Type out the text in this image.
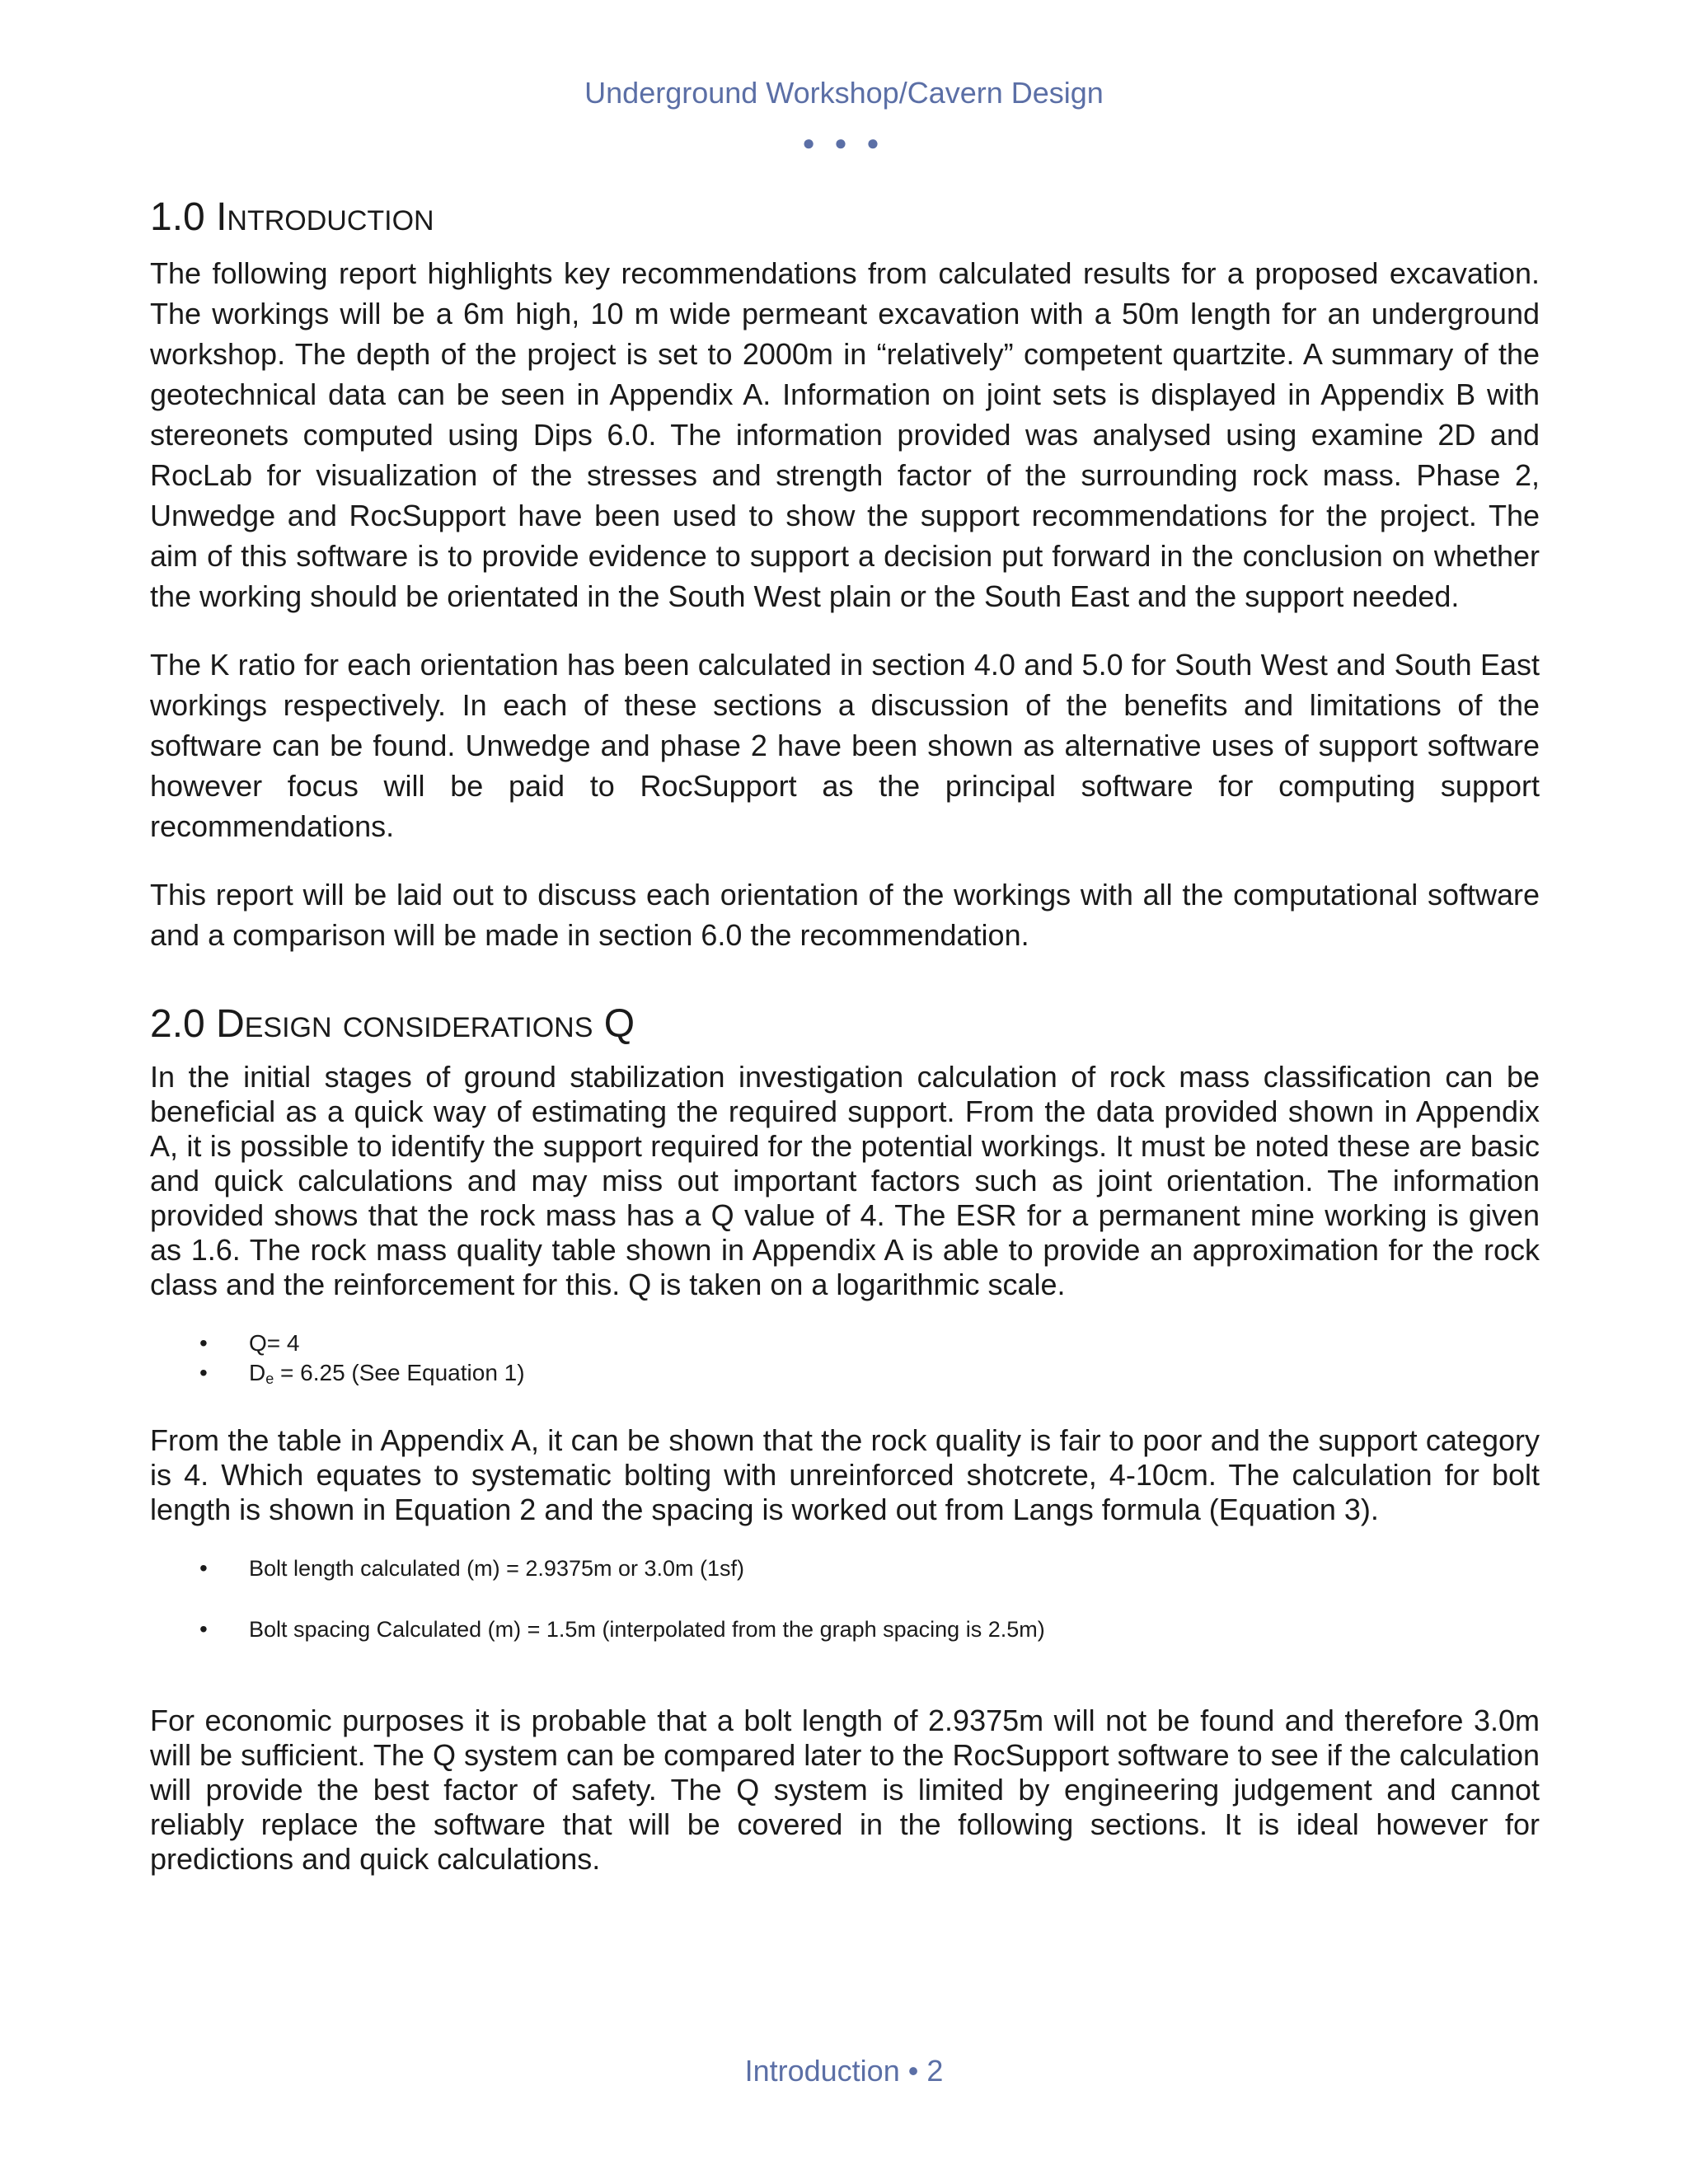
Underground Workshop/Cavern Design
● ● ●
1.0 Introduction

The following report highlights key recommendations from calculated results for a proposed excavation. The workings will be a 6m high, 10 m wide permeant excavation with a 50m length for an underground workshop. The depth of the project is set to 2000m in “relatively” competent quartzite. A summary of the geotechnical data can be seen in Appendix A. Information on joint sets is displayed in Appendix B with stereonets computed using Dips 6.0. The information provided was analysed using examine 2D and RocLab for visualization of the stresses and strength factor of the surrounding rock mass. Phase 2, Unwedge and RocSupport have been used to show the support recommendations for the project. The aim of this software is to provide evidence to support a decision put forward in the conclusion on whether the working should be orientated in the South West plain or the South East and the support needed.

The K ratio for each orientation has been calculated in section 4.0 and 5.0 for South West and South East workings respectively. In each of these sections a discussion of the benefits and limitations of the software can be found. Unwedge and phase 2 have been shown as alternative uses of support software however focus will be paid to RocSupport as the principal software for computing support recommendations.

This report will be laid out to discuss each orientation of the workings with all the computational software and a comparison will be made in section 6.0 the recommendation.

2.0 Design considerations Q

In the initial stages of ground stabilization investigation calculation of rock mass classification can be beneficial as a quick way of estimating the required support. From the data provided shown in Appendix A, it is possible to identify the support required for the potential workings. It must be noted these are basic and quick calculations and may miss out important factors such as joint orientation. The information provided shows that the rock mass has a Q value of 4. The ESR for a permanent mine working is given as 1.6. The rock mass quality table shown in Appendix A is able to provide an approximation for the rock class and the reinforcement for this. Q is taken on a logarithmic scale.

• Q= 4
• $D_e = 6.25$ (See Equation 1)

From the table in Appendix A, it can be shown that the rock quality is fair to poor and the support category is 4. Which equates to systematic bolting with unreinforced shotcrete, 4-10cm. The calculation for bolt length is shown in Equation 2 and the spacing is worked out from Langs formula (Equation 3).

• Bolt length calculated (m) = 2.9375m or 3.0m (1sf)
• Bolt spacing Calculated (m) = 1.5m (interpolated from the graph spacing is 2.5m)

For economic purposes it is probable that a bolt length of 2.9375m will not be found and therefore 3.0m will be sufficient. The Q system can be compared later to the RocSupport software to see if the calculation will provide the best factor of safety. The Q system is limited by engineering judgement and cannot reliably replace the software that will be covered in the following sections. It is ideal however for predictions and quick calculations.

Introduction • 2
